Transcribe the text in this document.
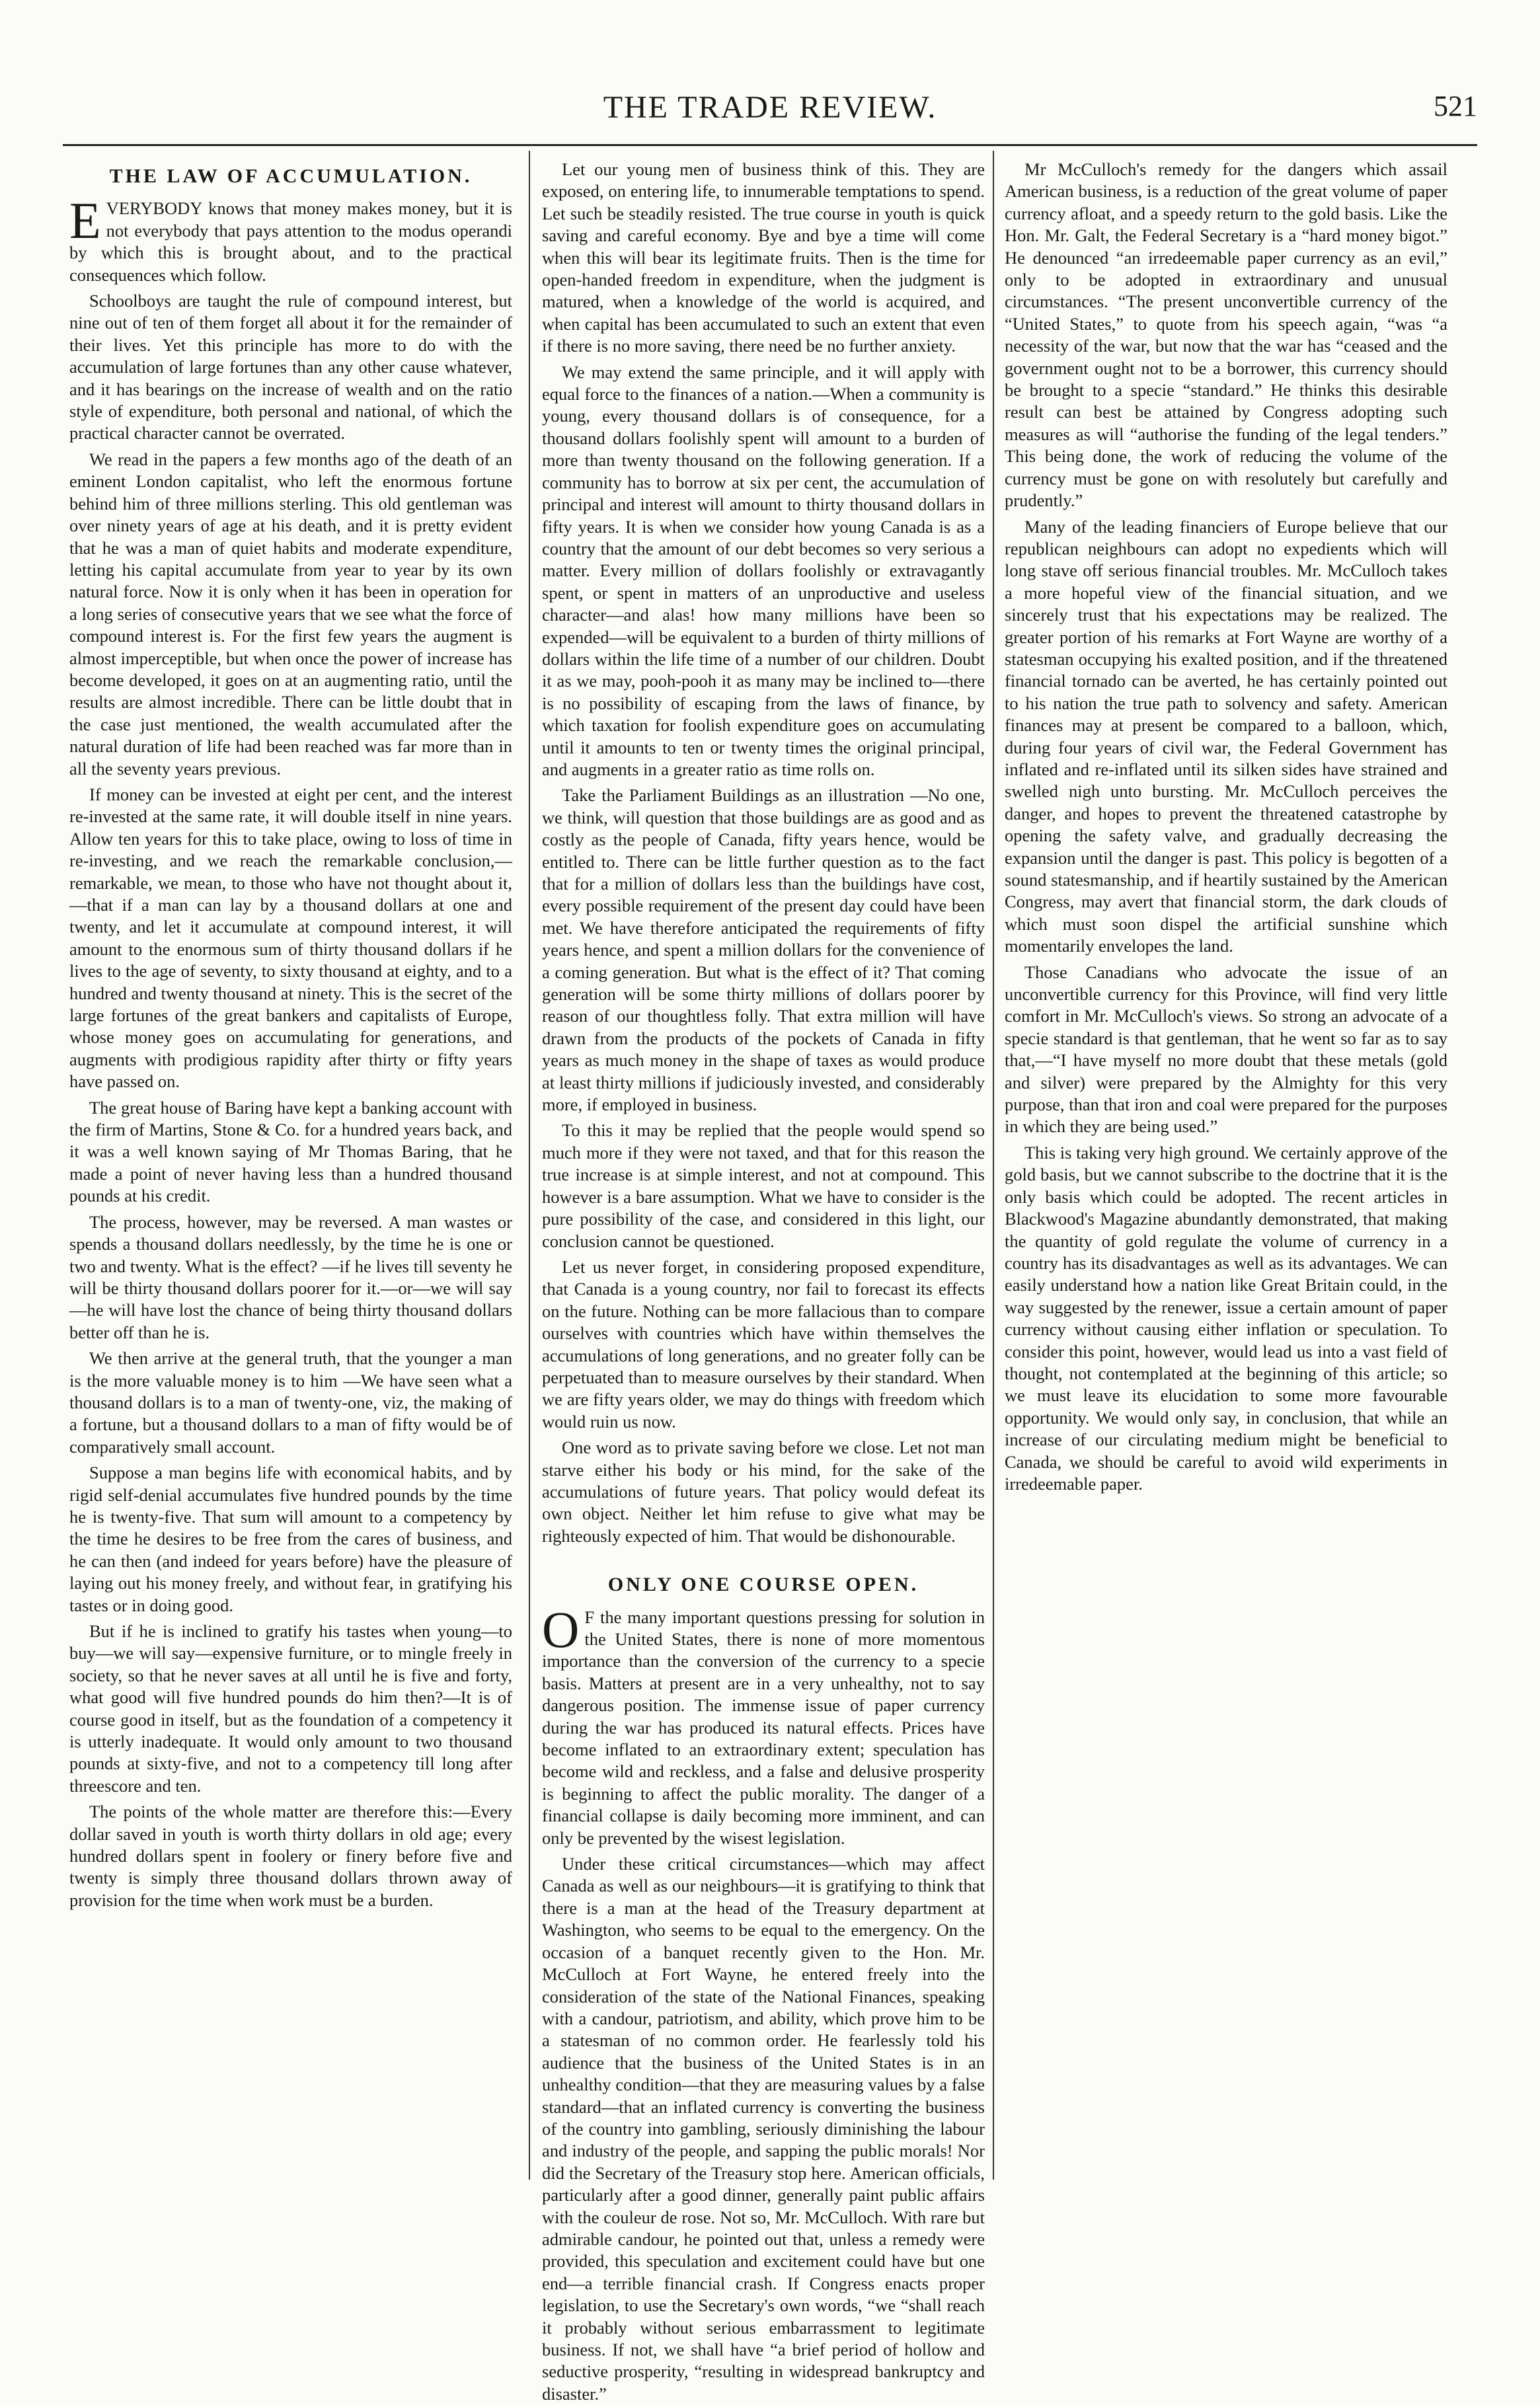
THE TRADE REVIEW.	521
THE LAW OF ACCUMULATION.

EVERYBODY knows that money makes money, but it is not everybody that pays attention to the modus operandi by which this is brought about, and to the practical consequences which follow.

Schoolboys are taught the rule of compound interest, but nine out of ten of them forget all about it for the remainder of their lives. Yet this principle has more to do with the accumulation of large fortunes than any other cause whatever, and it has bearings on the increase of wealth and on the ratio style of expenditure, both personal and national, of which the practical character cannot be overrated.

We read in the papers a few months ago of the death of an eminent London capitalist, who left the enormous fortune behind him of three millions sterling. This old gentleman was over ninety years of age at his death, and it is pretty evident that he was a man of quiet habits and moderate expenditure, letting his capital accumulate from year to year by its own natural force. Now it is only when it has been in operation for a long series of consecutive years that we see what the force of compound interest is. For the first few years the augment is almost imperceptible, but when once the power of increase has become developed, it goes on at an augmenting ratio, until the results are almost incredible. There can be little doubt that in the case just mentioned, the wealth accumulated after the natural duration of life had been reached was far more than in all the seventy years previous.

If money can be invested at eight per cent, and the interest re-invested at the same rate, it will double itself in nine years. Allow ten years for this to take place, owing to loss of time in re-investing, and we reach the remarkable conclusion,—remarkable, we mean, to those who have not thought about it,—that if a man can lay by a thousand dollars at one and twenty, and let it accumulate at compound interest, it will amount to the enormous sum of thirty thousand dollars if he lives to the age of seventy, to sixty thousand at eighty, and to a hundred and twenty thousand at ninety. This is the secret of the large fortunes of the great bankers and capitalists of Europe, whose money goes on accumulating for generations, and augments with prodigious rapidity after thirty or fifty years have passed on.

The great house of Baring have kept a banking account with the firm of Martins, Stone & Co. for a hundred years back, and it was a well known saying of Mr Thomas Baring, that he made a point of never having less than a hundred thousand pounds at his credit.

The process, however, may be reversed. A man wastes or spends a thousand dollars needlessly, by the time he is one or two and twenty. What is the effect? —if he lives till seventy he will be thirty thousand dollars poorer for it.—or—we will say—he will have lost the chance of being thirty thousand dollars better off than he is.

We then arrive at the general truth, that the younger a man is the more valuable money is to him —We have seen what a thousand dollars is to a man of twenty-one, viz, the making of a fortune, but a thousand dollars to a man of fifty would be of comparatively small account.

Suppose a man begins life with economical habits, and by rigid self-denial accumulates five hundred pounds by the time he is twenty-five. That sum will amount to a competency by the time he desires to be free from the cares of business, and he can then (and indeed for years before) have the pleasure of laying out his money freely, and without fear, in gratifying his tastes or in doing good.

But if he is inclined to gratify his tastes when young—to buy—we will say—expensive furniture, or to mingle freely in society, so that he never saves at all until he is five and forty, what good will five hundred pounds do him then?—It is of course good in itself, but as the foundation of a competency it is utterly inadequate. It would only amount to two thousand pounds at sixty-five, and not to a competency till long after threescore and ten.

The points of the whole matter are therefore this:—Every dollar saved in youth is worth thirty dollars in old age; every hundred dollars spent in foolery or finery before five and twenty is simply three thousand dollars thrown away of provision for the time when work must be a burden.

Let our young men of business think of this. They are exposed, on entering life, to innumerable temptations to spend. Let such be steadily resisted. The true course in youth is quick saving and careful economy. Bye and bye a time will come when this will bear its legitimate fruits. Then is the time for open-handed freedom in expenditure, when the judgment is matured, when a knowledge of the world is acquired, and when capital has been accumulated to such an extent that even if there is no more saving, there need be no further anxiety.

We may extend the same principle, and it will apply with equal force to the finances of a nation.—When a community is young, every thousand dollars is of consequence, for a thousand dollars foolishly spent will amount to a burden of more than twenty thousand on the following generation. If a community has to borrow at six per cent, the accumulation of principal and interest will amount to thirty thousand dollars in fifty years. It is when we consider how young Canada is as a country that the amount of our debt becomes so very serious a matter. Every million of dollars foolishly or extravagantly spent, or spent in matters of an unproductive and useless character—and alas! how many millions have been so expended—will be equivalent to a burden of thirty millions of dollars within the life time of a number of our children. Doubt it as we may, pooh-pooh it as many may be inclined to—there is no possibility of escaping from the laws of finance, by which taxation for foolish expenditure goes on accumulating until it amounts to ten or twenty times the original principal, and augments in a greater ratio as time rolls on.

Take the Parliament Buildings as an illustration —No one, we think, will question that those buildings are as good and as costly as the people of Canada, fifty years hence, would be entitled to. There can be little further question as to the fact that for a million of dollars less than the buildings have cost, every possible requirement of the present day could have been met. We have therefore anticipated the requirements of fifty years hence, and spent a million dollars for the convenience of a coming generation. But what is the effect of it? That coming generation will be some thirty millions of dollars poorer by reason of our thoughtless folly. That extra million will have drawn from the products of the pockets of Canada in fifty years as much money in the shape of taxes as would produce at least thirty millions if judiciously invested, and considerably more, if employed in business.

To this it may be replied that the people would spend so much more if they were not taxed, and that for this reason the true increase is at simple interest, and not at compound. This however is a bare assumption. What we have to consider is the pure possibility of the case, and considered in this light, our conclusion cannot be questioned.

Let us never forget, in considering proposed expenditure, that Canada is a young country, nor fail to forecast its effects on the future. Nothing can be more fallacious than to compare ourselves with countries which have within themselves the accumulations of long generations, and no greater folly can be perpetuated than to measure ourselves by their standard. When we are fifty years older, we may do things with freedom which would ruin us now.

One word as to private saving before we close. Let not man starve either his body or his mind, for the sake of the accumulations of future years. That policy would defeat its own object. Neither let him refuse to give what may be righteously expected of him. That would be dishonourable.

ONLY ONE COURSE OPEN.

O F the many important questions pressing for solution in the United States, there is none of more momentous importance than the conversion of the currency to a specie basis. Matters at present are in a very unhealthy, not to say dangerous position. The immense issue of paper currency during the war has produced its natural effects. Prices have become inflated to an extraordinary extent; speculation has become wild and reckless, and a false and delusive prosperity is beginning to affect the public morality. The danger of a financial collapse is daily becoming more imminent, and can only be prevented by the wisest legislation.

Under these critical circumstances—which may affect Canada as well as our neighbours—it is gratifying to think that there is a man at the head of the Treasury department at Washington, who seems to be equal to the emergency. On the occasion of a banquet recently given to the Hon. Mr. McCulloch at Fort Wayne, he entered freely into the consideration of the state of the National Finances, speaking with a candour, patriotism, and ability, which prove him to be a statesman of no common order. He fearlessly told his audience that the business of the United States is in an unhealthy condition—that they are measuring values by a false standard—that an inflated currency is converting the business of the country into gambling, seriously diminishing the labour and industry of the people, and sapping the public morals! Nor did the Secretary of the Treasury stop here. American officials, particularly after a good dinner, generally paint public affairs with the couleur de rose. Not so, Mr. McCulloch. With rare but admirable candour, he pointed out that, unless a remedy were provided, this speculation and excitement could have but one end—a terrible financial crash. If Congress enacts proper legislation, to use the Secretary's own words, “we “shall reach it probably without serious embarrassment to legitimate business. If not, we shall have “a brief period of hollow and seductive prosperity, “resulting in widespread bankruptcy and disaster.”

Mr McCulloch's remedy for the dangers which assail American business, is a reduction of the great volume of paper currency afloat, and a speedy return to the gold basis. Like the Hon. Mr. Galt, the Federal Secretary is a “hard money bigot.” He denounced “an irredeemable paper currency as an evil,” only to be adopted in extraordinary and unusual circumstances. “The present unconvertible currency of the “United States,” to quote from his speech again, “was “a necessity of the war, but now that the war has “ceased and the government ought not to be a borrower, this currency should be brought to a specie “standard.” He thinks this desirable result can best be attained by Congress adopting such measures as will “authorise the funding of the legal tenders.” This being done, the work of reducing the volume of the currency must be gone on with resolutely but carefully and prudently.”

Many of the leading financiers of Europe believe that our republican neighbours can adopt no expedients which will long stave off serious financial troubles. Mr. McCulloch takes a more hopeful view of the financial situation, and we sincerely trust that his expectations may be realized. The greater portion of his remarks at Fort Wayne are worthy of a statesman occupying his exalted position, and if the threatened financial tornado can be averted, he has certainly pointed out to his nation the true path to solvency and safety. American finances may at present be compared to a balloon, which, during four years of civil war, the Federal Government has inflated and re-inflated until its silken sides have strained and swelled nigh unto bursting. Mr. McCulloch perceives the danger, and hopes to prevent the threatened catastrophe by opening the safety valve, and gradually decreasing the expansion until the danger is past. This policy is begotten of a sound statesmanship, and if heartily sustained by the American Congress, may avert that financial storm, the dark clouds of which must soon dispel the artificial sunshine which momentarily envelopes the land.

Those Canadians who advocate the issue of an unconvertible currency for this Province, will find very little comfort in Mr. McCulloch's views. So strong an advocate of a specie standard is that gentleman, that he went so far as to say that,—“I have myself no more doubt that these metals (gold and silver) were prepared by the Almighty for this very purpose, than that iron and coal were prepared for the purposes in which they are being used.”

This is taking very high ground. We certainly approve of the gold basis, but we cannot subscribe to the doctrine that it is the only basis which could be adopted. The recent articles in Blackwood's Magazine abundantly demonstrated, that making the quantity of gold regulate the volume of currency in a country has its disadvantages as well as its advantages. We can easily understand how a nation like Great Britain could, in the way suggested by the renewer, issue a certain amount of paper currency without causing either inflation or speculation. To consider this point, however, would lead us into a vast field of thought, not contemplated at the beginning of this article; so we must leave its elucidation to some more favourable opportunity. We would only say, in conclusion, that while an increase of our circulating medium might be beneficial to Canada, we should be careful to avoid wild experiments in irredeemable paper.
